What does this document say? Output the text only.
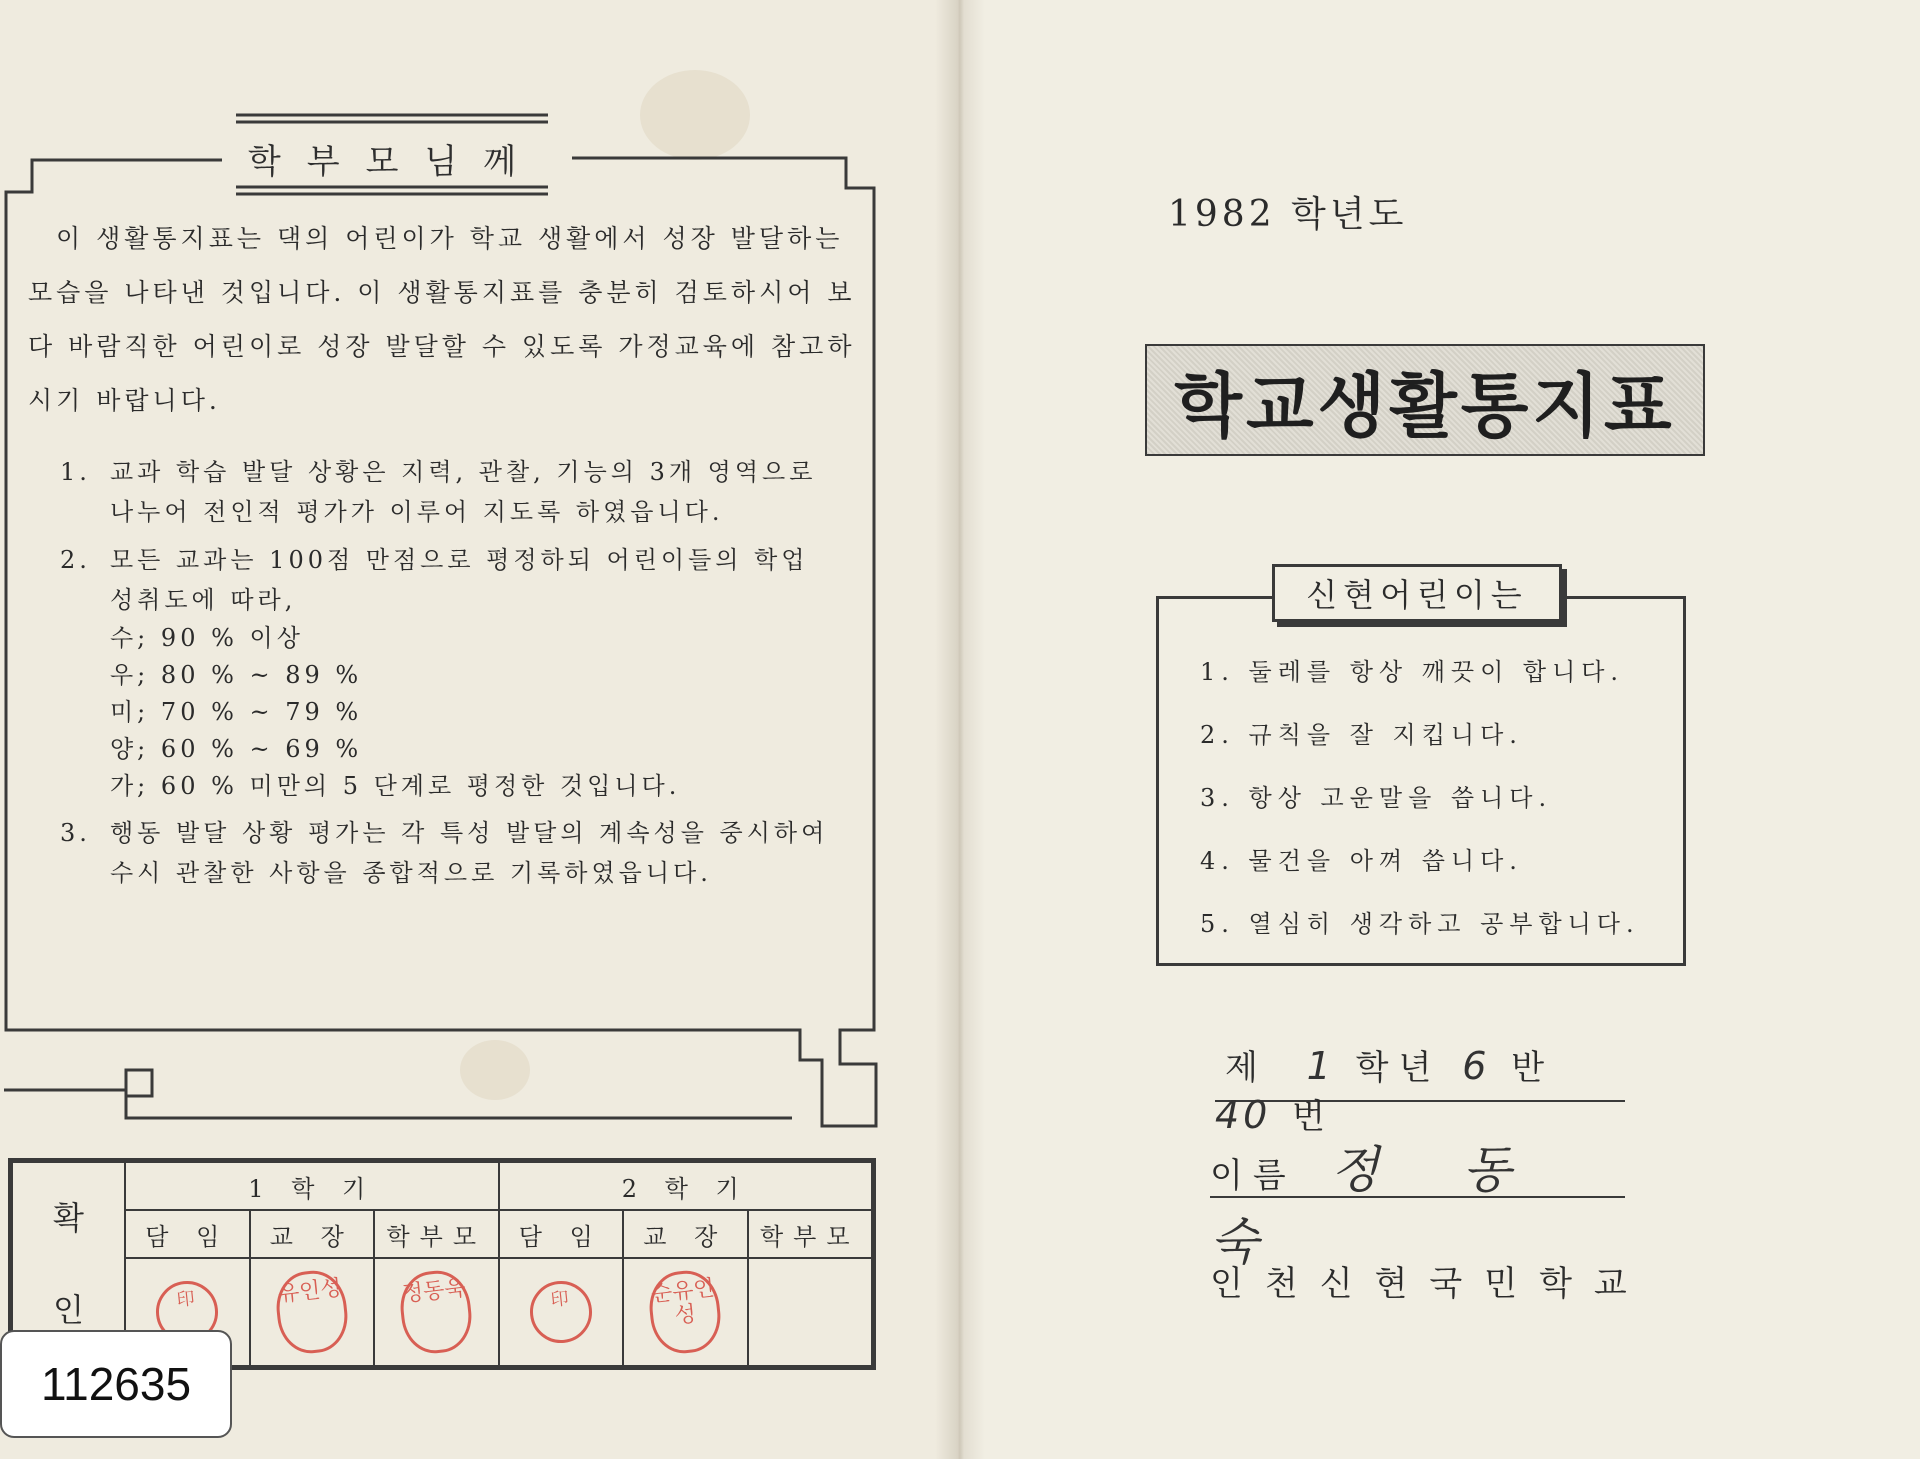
학부모님께

이 생활통지표는 댁의 어린이가 학교 생활에서 성장 발달하는 모습을 나타낸 것입니다. 이 생활통지표를 충분히 검토하시어 보다 바람직한 어린이로 성장 발달할 수 있도록 가정교육에 참고하시기 바랍니다.

1. 교과 학습 발달 상황은 지력, 관찰, 기능의 3개 영역으로 나누어 전인적 평가가 이루어 지도록 하였읍니다.
2. 모든 교과는 100점 만점으로 평정하되 어린이들의 학업 성취도에 따라,
수; 90 % 이상
우; 80 % ~ 89 %
미; 70 % ~ 79 %
양; 60 % ~ 69 %
가; 60 % 미만의 5 단계로 평정한 것입니다.
3. 행동 발달 상황 평가는 각 특성 발달의 계속성을 중시하여 수시 관찰한 사항을 종합적으로 기록하였읍니다.
확
인	1 학 기			2 학 기		
	담 임	교 장	학부모	담 임	교 장	학부모
	印	유인성	정동욱	印	순유인성	
112635
1982 학년도
학교생활통지표
신현어린이는
1. 둘레를 항상 깨끗이 합니다.
2. 규칙을 잘 지킵니다.
3. 항상 고운말을 씁니다.
4. 물건을 아껴 씁니다.
5. 열심히 생각하고 공부합니다.
제 1 학년 6 반 40 번
이름 정 동 숙
인천신현국민학교
